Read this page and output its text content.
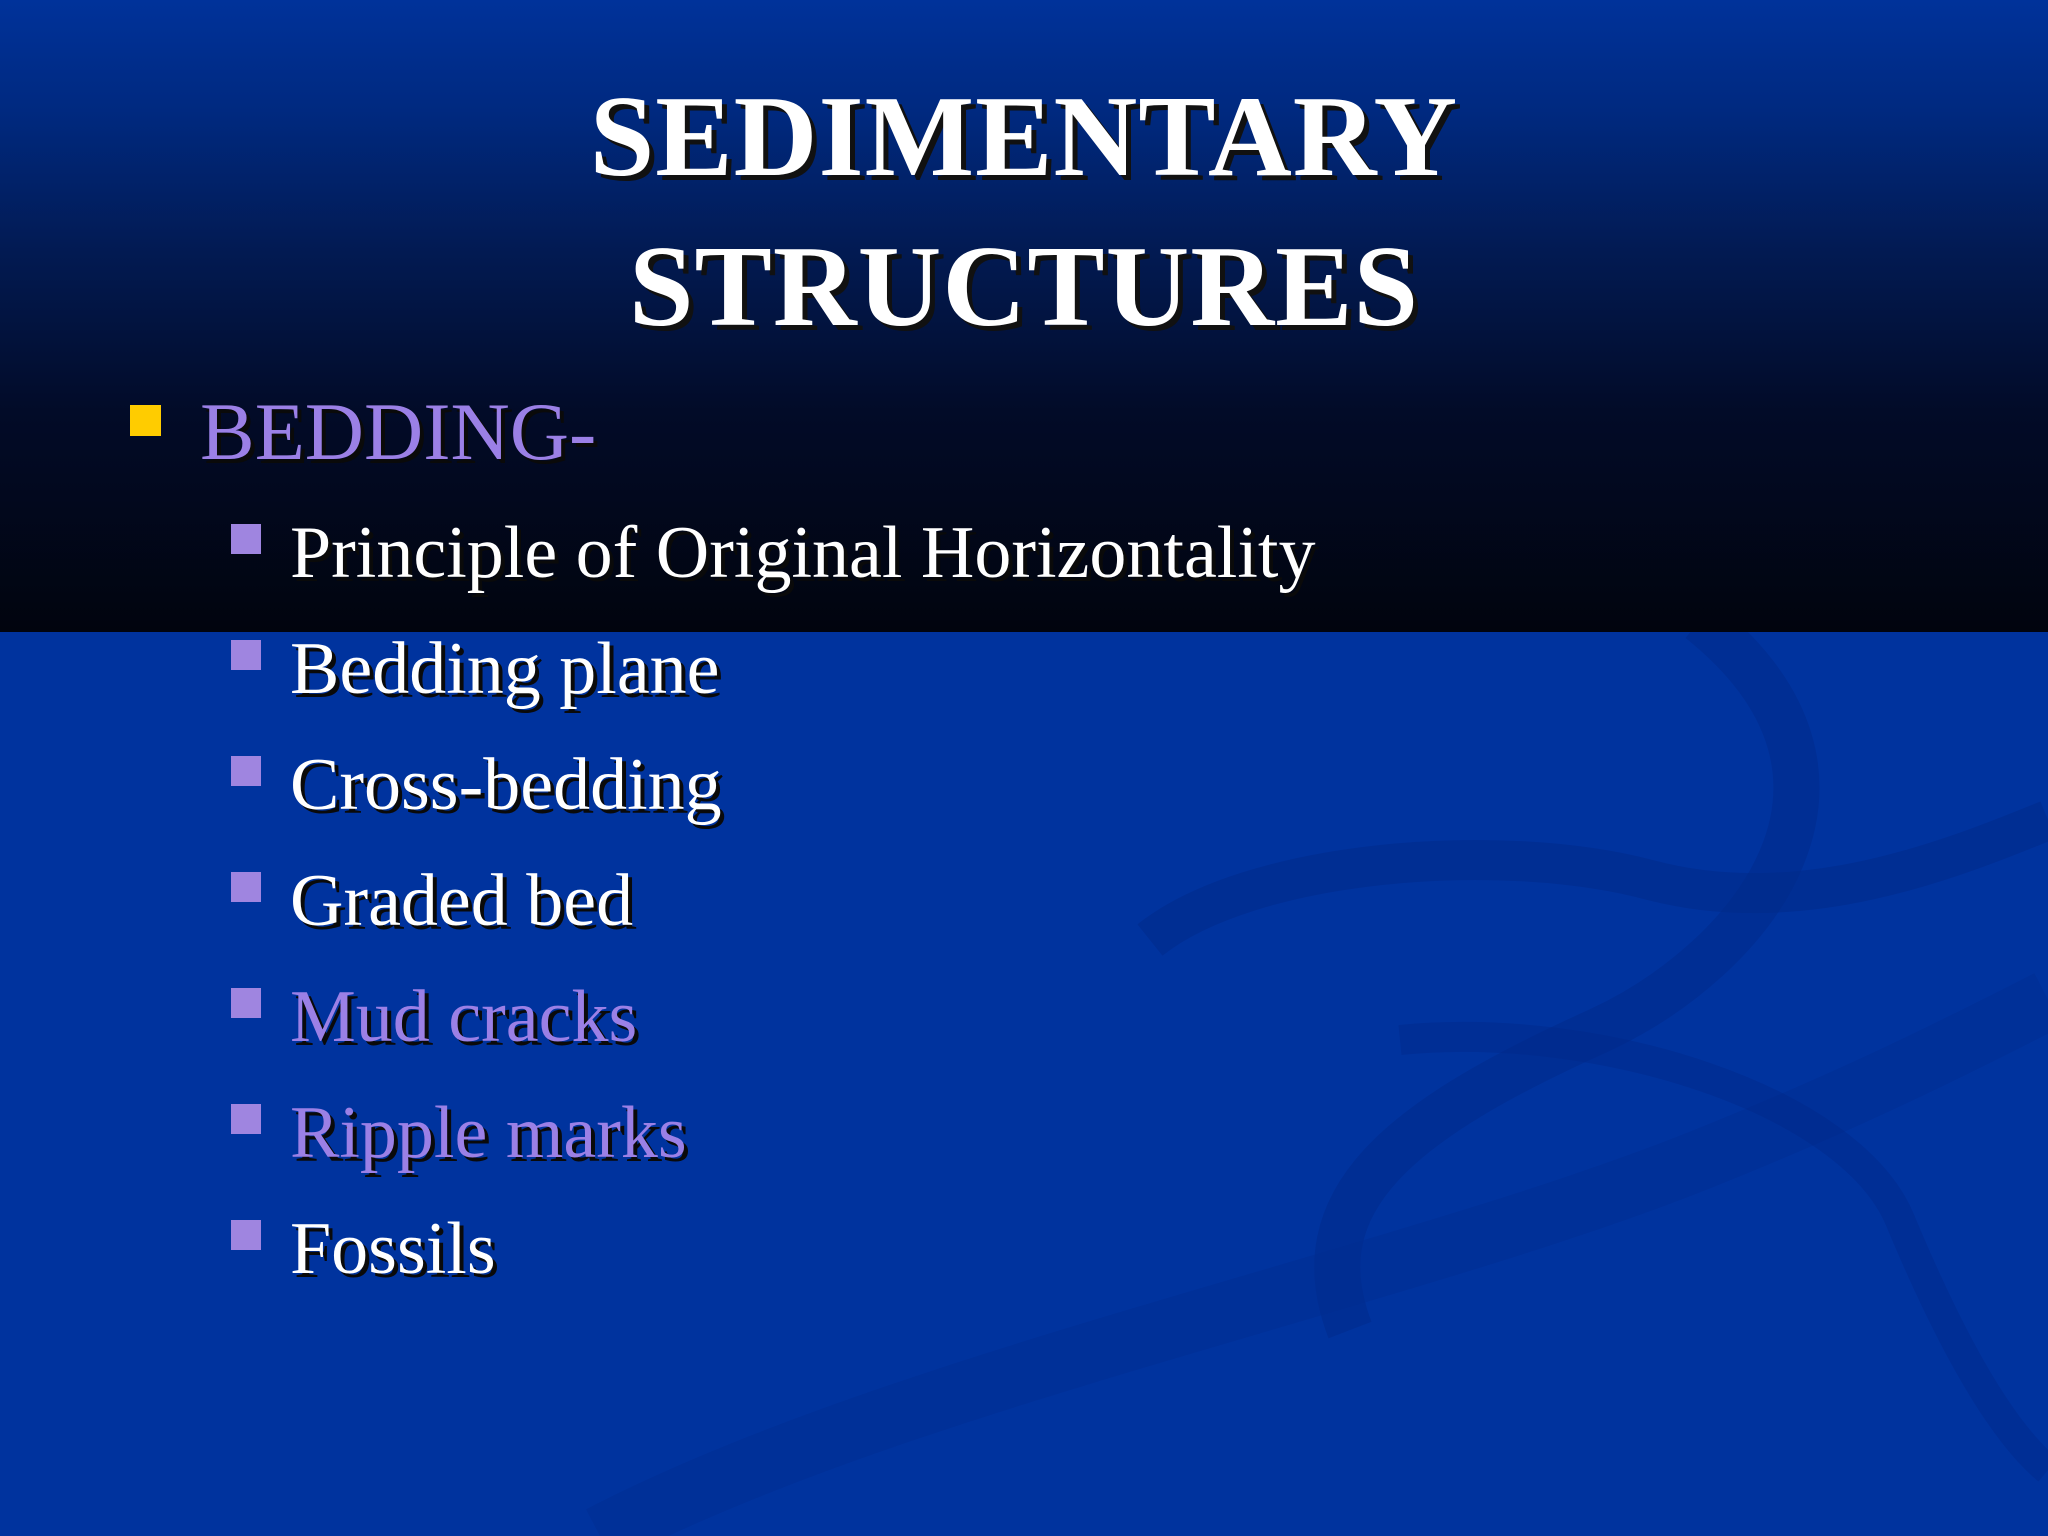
SEDIMENTARY
STRUCTURES
BEDDING-
Principle of Original Horizontality
Bedding plane
Cross-bedding
Graded bed
Mud cracks
Ripple marks
Fossils
